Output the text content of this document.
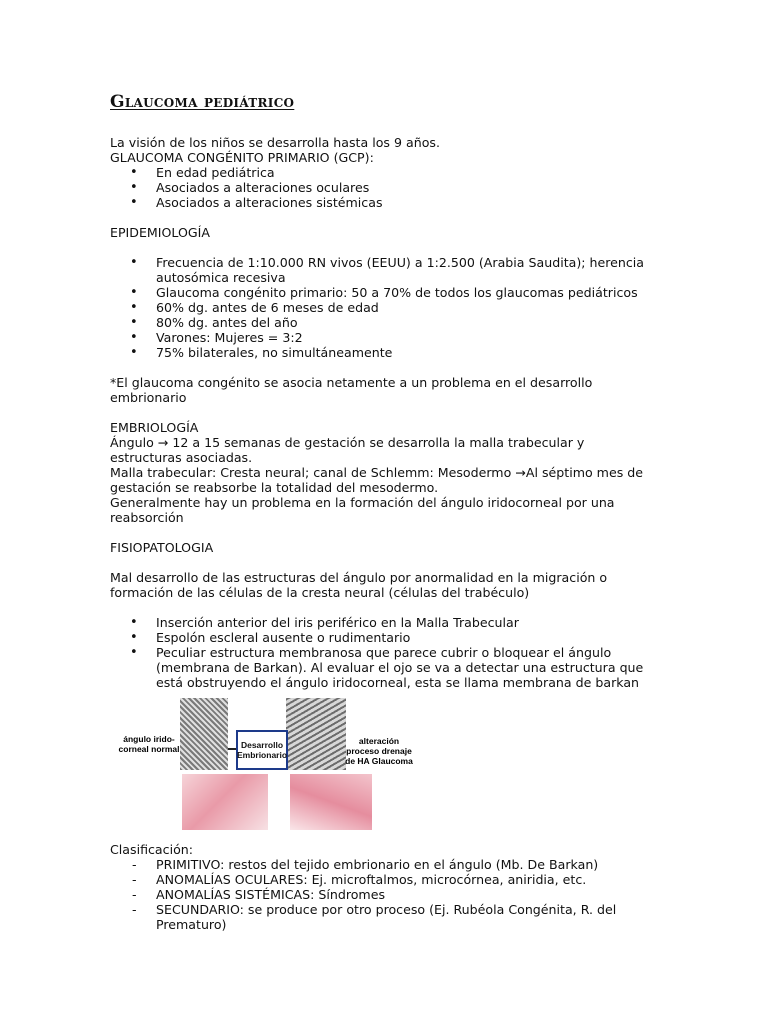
Glaucoma pediátrico

La visión de los niños se desarrolla hasta los 9 años.

GLAUCOMA CONGÉNITO PRIMARIO (GCP):

• En edad pediátrica
• Asociados a alteraciones oculares
• Asociados a alteraciones sistémicas

EPIDEMIOLOGÍA

• Frecuencia de 1:10.000 RN vivos (EEUU) a 1:2.500 (Arabia Saudita); herencia autosómica recesiva
• Glaucoma congénito primario: 50 a 70% de todos los glaucomas pediátricos
• 60% dg. antes de 6 meses de edad
• 80% dg. antes del año
• Varones: Mujeres = 3:2
• 75% bilaterales, no simultáneamente

*El glaucoma congénito se asocia netamente a un problema en el desarrollo embrionario

EMBRIOLOGÍA

Ángulo → 12 a 15 semanas de gestación se desarrolla la malla trabecular y estructuras asociadas.

Malla trabecular: Cresta neural; canal de Schlemm: Mesodermo →Al séptimo mes de gestación se reabsorbe la totalidad del mesodermo.

Generalmente hay un problema en la formación del ángulo iridocorneal por una reabsorción

FISIOPATOLOGIA

Mal desarrollo de las estructuras del ángulo por anormalidad en la migración o formación de las células de la cresta neural (células del trabéculo)

• Inserción anterior del iris periférico en la Malla Trabecular
• Espolón escleral ausente o rudimentario
• Peculiar estructura membranosa que parece cubrir o bloquear el ángulo (membrana de Barkan). Al evaluar el ojo se va a detectar una estructura que está obstruyendo el ángulo iridocorneal, esta se llama membrana de barkan
ángulo irido-corneal normal	Desarrollo Embrionario
alteración proceso drenaje de HA Glaucoma

Clasificación:

- PRIMITIVO: restos del tejido embrionario en el ángulo (Mb. De Barkan)
- ANOMALÍAS OCULARES: Ej. microftalmos, microcórnea, aniridia, etc.
- ANOMALÍAS SISTÉMICAS: Síndromes
- SECUNDARIO: se produce por otro proceso (Ej. Rubéola Congénita, R. del Prematuro)
